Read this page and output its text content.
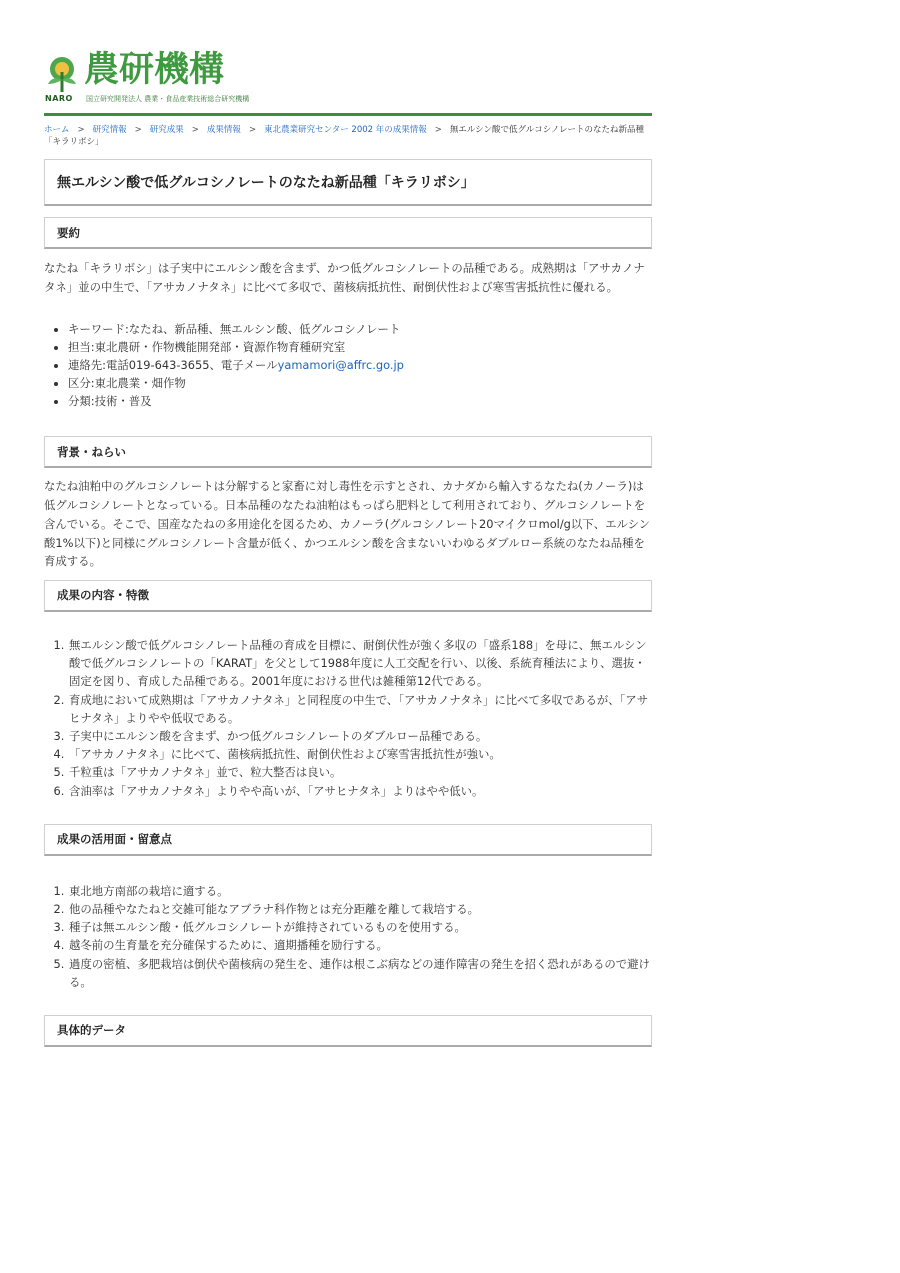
NARO
農研機構
国立研究開発法人 農業・食品産業技術総合研究機構
ホーム > 研究情報 > 研究成果 > 成果情報 > 東北農業研究センター 2002 年の成果情報 > 無エルシン酸で低グルコシノレートのなたね新品種「キラリボシ」
無エルシン酸で低グルコシノレートのなたね新品種「キラリボシ」
要約

なたね「キラリボシ」は子実中にエルシン酸を含まず、かつ低グルコシノレートの品種である。成熟期は「アサカノナタネ」並の中生で、「アサカノナタネ」に比べて多収で、菌核病抵抗性、耐倒伏性および寒雪害抵抗性に優れる。

• キーワード:なたね、新品種、無エルシン酸、低グルコシノレート
• 担当:東北農研・作物機能開発部・資源作物育種研究室
• 連絡先:電話019-643-3655、電子メールyamamori@affrc.go.jp
• 区分:東北農業・畑作物
• 分類:技術・普及
背景・ねらい

なたね油粕中のグルコシノレートは分解すると家畜に対し毒性を示すとされ、カナダから輸入するなたね(カノーラ)は低グルコシノレートとなっている。日本品種のなたね油粕はもっぱら肥料として利用されており、グルコシノレートを含んでいる。そこで、国産なたねの多用途化を図るため、カノーラ(グルコシノレート20マイクロmol/g以下、エルシン酸1%以下)と同様にグルコシノレート含量が低く、かつエルシン酸を含まないいわゆるダブルロー系統のなたね品種を育成する。

成果の内容・特徴
1. 無エルシン酸で低グルコシノレート品種の育成を目標に、耐倒伏性が強く多収の「盛系188」を母に、無エルシン酸で低グルコシノレートの「KARAT」を父として1988年度に人工交配を行い、以後、系統育種法により、選抜・固定を図り、育成した品種である。2001年度における世代は雑種第12代である。
2. 育成地において成熟期は「アサカノナタネ」と同程度の中生で、「アサカノナタネ」に比べて多収であるが、「アサヒナタネ」よりやや低収である。
3. 子実中にエルシン酸を含まず、かつ低グルコシノレートのダブルロー品種である。
4. 「アサカノナタネ」に比べて、菌核病抵抗性、耐倒伏性および寒雪害抵抗性が強い。
5. 千粒重は「アサカノナタネ」並で、粒大整否は良い。
6. 含油率は「アサカノナタネ」よりやや高いが、「アサヒナタネ」よりはやや低い。
成果の活用面・留意点
1. 東北地方南部の栽培に適する。
2. 他の品種やなたねと交雑可能なアブラナ科作物とは充分距離を離して栽培する。
3. 種子は無エルシン酸・低グルコシノレートが維持されているものを使用する。
4. 越冬前の生育量を充分確保するために、適期播種を励行する。
5. 過度の密植、多肥栽培は倒伏や菌核病の発生を、連作は根こぶ病などの連作障害の発生を招く恐れがあるので避ける。
具体的データ
